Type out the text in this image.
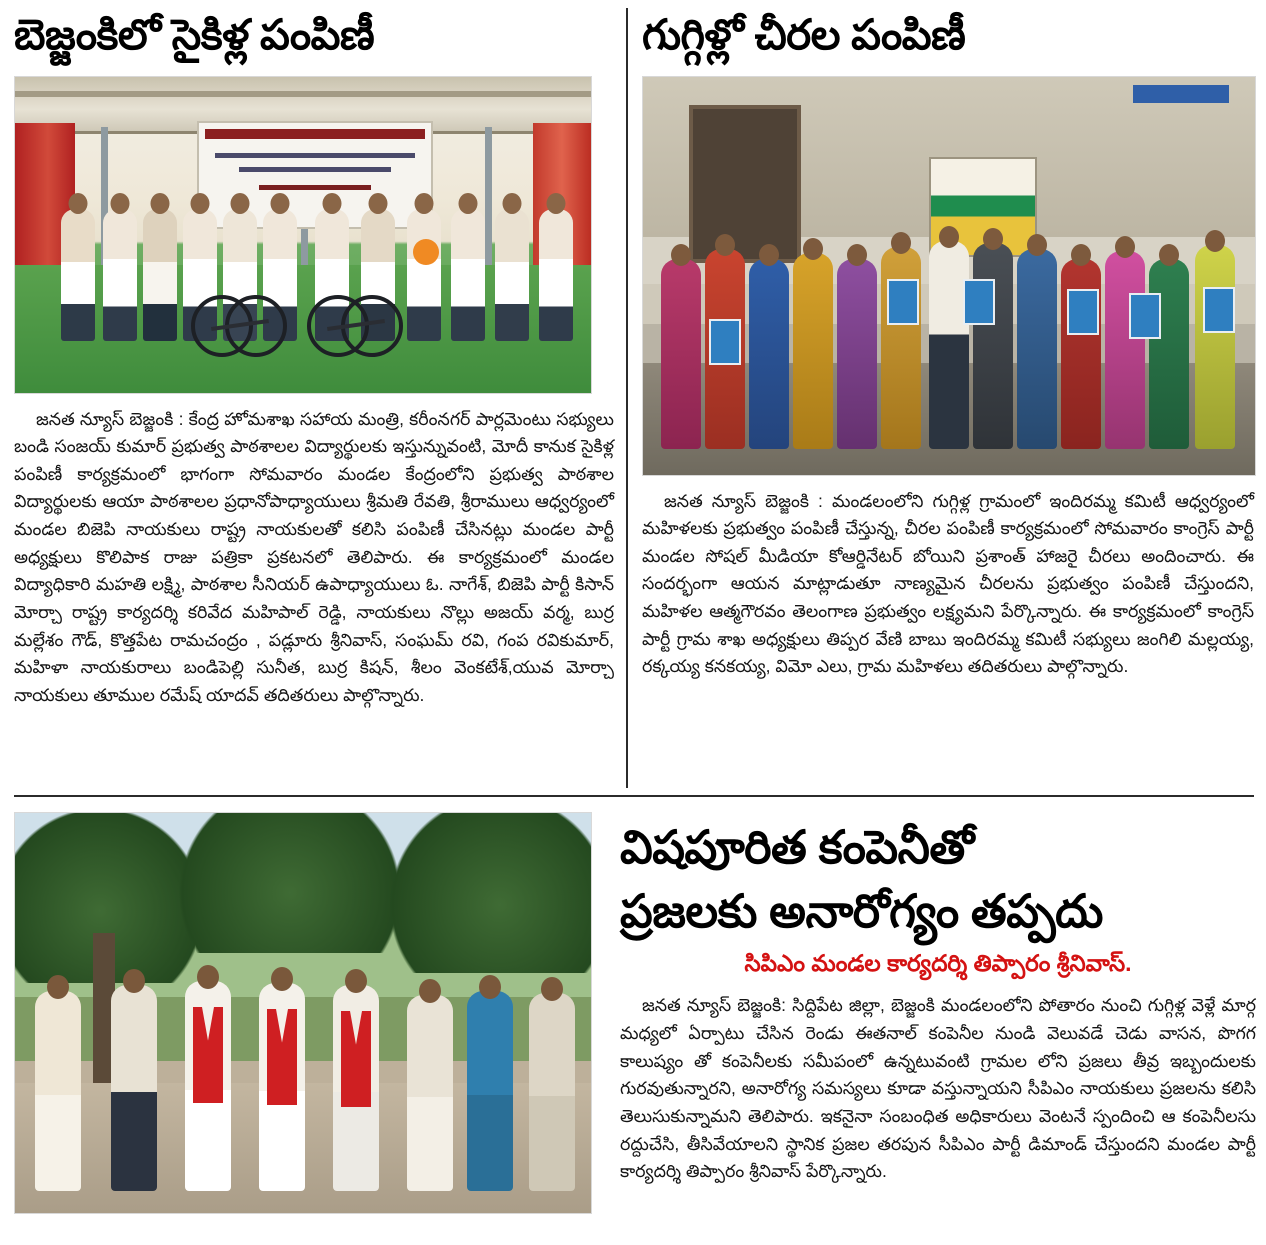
బెజ్జంకిలో సైకిళ్ల పంపిణీ

జనత న్యూస్ బెజ్జంకి : కేంద్ర హోమశాఖ సహాయ మంత్రి, కరీంనగర్ పార్లమెంటు సభ్యులు బండి సంజయ్ కుమార్ ప్రభుత్వ పాఠశాలల విద్యార్థులకు ఇస్తున్నువంటి, మోదీ కానుక సైకిళ్ల పంపిణీ కార్యక్రమంలో భాగంగా సోమవారం మండల కేంద్రంలోని ప్రభుత్వ పాఠశాల విద్యార్థులకు ఆయా పాఠశాలల ప్రధానోపాధ్యాయులు శ్రీమతి రేవతి, శ్రీరాములు ఆధ్వర్యంలో మండల బిజెపి నాయకులు రాష్ట్ర నాయకులతో కలిసి పంపిణీ చేసినట్లు మండల పార్టీ అధ్యక్షులు కొలిపాక రాజు పత్రికా ప్రకటనలో తెలిపారు. ఈ కార్యక్రమంలో మండల విద్యాధికారి మహతి లక్ష్మి, పాఠశాల సీనియర్ ఉపాధ్యాయులు ఓ. నాగేశ్, బిజెపి పార్టీ కిసాన్ మోర్చా రాష్ట్ర కార్యదర్శి కరివేద మహిపాల్ రెడ్డి, నాయకులు నొల్లు అజయ్ వర్మ, బుర్ర మల్లేశం గౌడ్, కొత్తపేట రామచంద్రం , పడ్లూరు శ్రీనివాస్, సంఘమ్ రవి, గంప రవికుమార్, మహిళా నాయకురాలు బండిపెల్లి సునీత, బుర్ర కిషన్, శీలం వెంకటేశ్,యువ మోర్చా నాయకులు తూముల రమేష్ యాదవ్ తదితరులు పాల్గొన్నారు.

గుగ్గిళ్లో చీరల పంపిణీ

జనత న్యూస్ బెజ్జంకి : మండలంలోని గుగ్గిళ్ల గ్రామంలో ఇందిరమ్మ కమిటీ ఆధ్వర్యంలో మహిళలకు ప్రభుత్వం పంపిణీ చేస్తున్న, చీరల పంపిణీ కార్యక్రమంలో సోమవారం కాంగ్రెస్ పార్టీ మండల సోషల్ మీడియా కోఆర్డినేటర్ బోయిని ప్రశాంత్ హాజరై చీరలు అందించారు. ఈ సందర్భంగా ఆయన మాట్లాడుతూ నాణ్యమైన చీరలను ప్రభుత్వం పంపిణీ చేస్తుందని, మహిళల ఆత్మగౌరవం తెలంగాణ ప్రభుత్వం లక్ష్యమని పేర్కొన్నారు. ఈ కార్యక్రమంలో కాంగ్రెస్ పార్టీ గ్రామ శాఖ అధ్యక్షులు తిప్పర వేణి బాబు ఇందిరమ్మ కమిటీ సభ్యులు జంగిలి మల్లయ్య, రక్కయ్య కనకయ్య, విమో ఎలు, గ్రామ మహిళలు తదితరులు పాల్గొన్నారు.

విషపూరిత కంపెనీతో
ప్రజలకు అనారోగ్యం తప్పదు
సిపిఎం మండల కార్యదర్శి తిప్పారం శ్రీనివాస్.

జనత న్యూస్ బెజ్జంకి: సిద్దిపేట జిల్లా, బెజ్జంకి మండలంలోని పోతారం నుంచి గుగ్గిళ్ల వెళ్లే మార్గ మధ్యలో ఏర్పాటు చేసిన రెండు ఈతనాల్ కంపెనీల నుండి వెలువడే చెడు వాసన, పొగగ కాలుష్యం తో కంపెనీలకు సమీపంలో ఉన్నటువంటి గ్రామల లోని ప్రజలు తీవ్ర ఇబ్బందులకు గురవుతున్నారని, అనారోగ్య సమస్యలు కూడా వస్తున్నాయని సీపిఎం నాయకులు ప్రజలను కలిసి తెలుసుకున్నామని తెలిపారు. ఇకనైనా సంబంధిత అధికారులు వెంటనే స్పందించి ఆ కంపెనీలసు రద్దుచేసి, తీసివేయాలని స్థానిక ప్రజల తరపున సీపిఎం పార్టీ డిమాండ్ చేస్తుందని మండల పార్టీ కార్యదర్శి తిప్పారం శ్రీనివాస్ పేర్కొన్నారు.
